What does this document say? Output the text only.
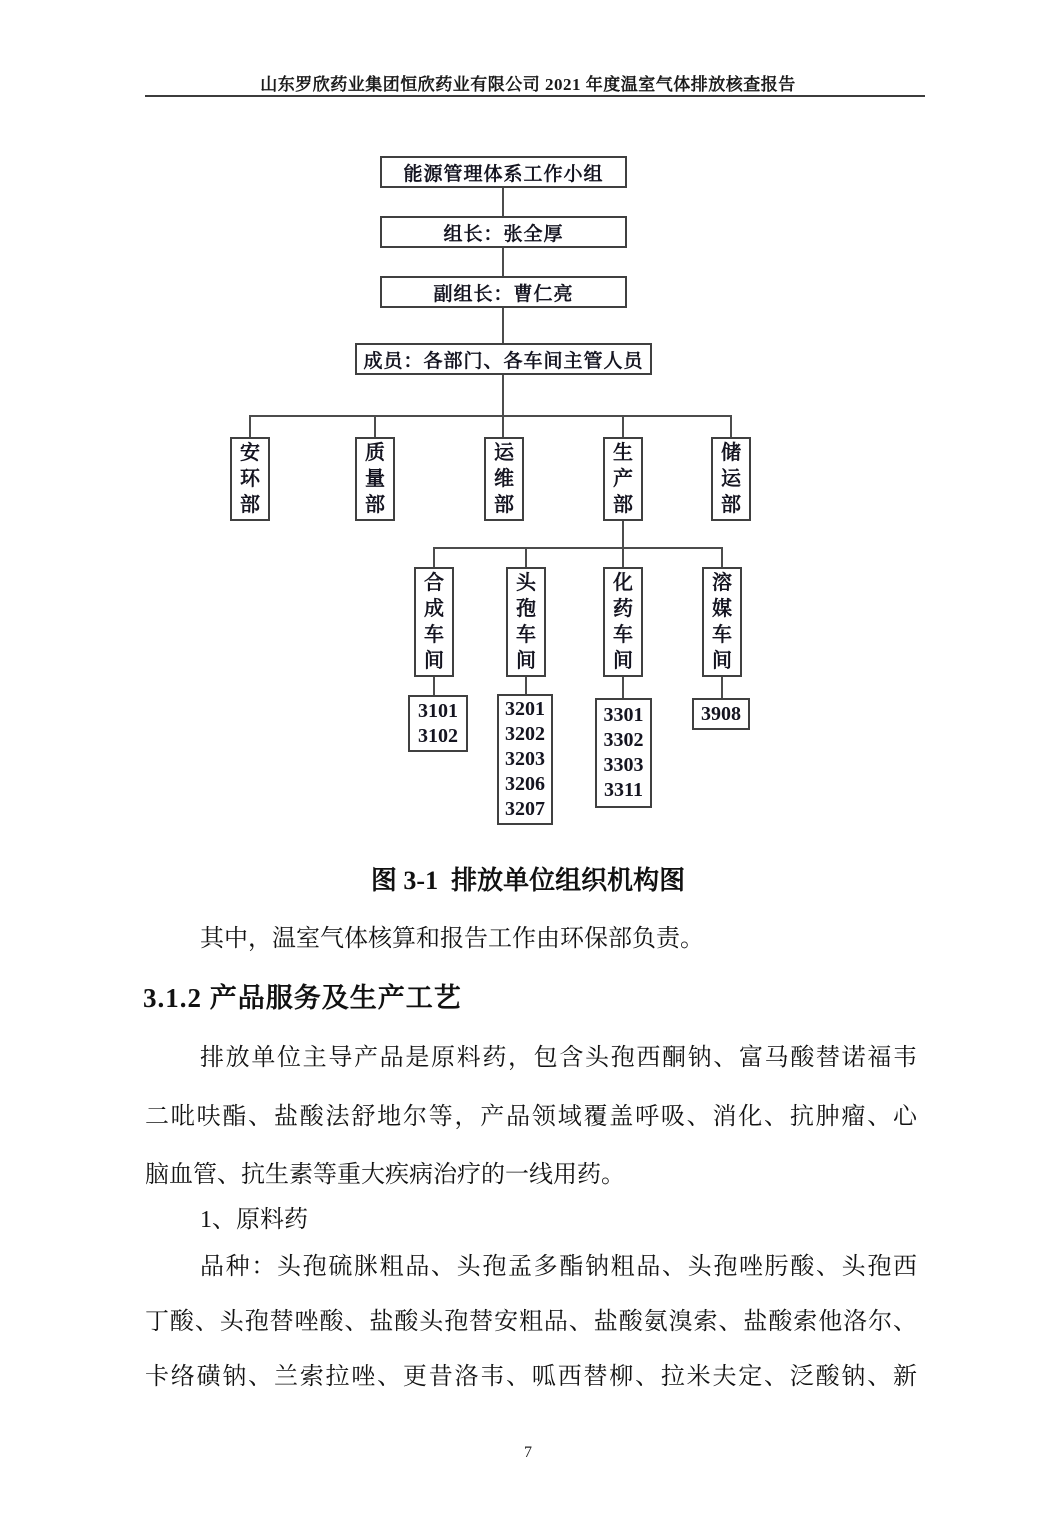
山东罗欣药业集团恒欣药业有限公司 2021 年度温室气体排放核查报告
能源管理体系工作小组
组长：张全厚
副组长：曹仁亮
成员：各部门、各车间主管人员
安环部
质量部
运维部
生产部
储运部
合成车间
头孢车间
化药车间
溶媒车间
3101
3102
3201
3202
3203
3206
3207
3301
3302
3303
3311
3908
图 3-1  排放单位组织机构图
其中，温室气体核算和报告工作由环保部负责。
3.1.2 产品服务及生产工艺
排放单位主导产品是原料药，包含头孢西酮钠、富马酸替诺福韦
二吡呋酯、盐酸法舒地尔等，产品领域覆盖呼吸、消化、抗肿瘤、心
脑血管、抗生素等重大疾病治疗的一线用药。
1、原料药
品种：头孢硫脒粗品、头孢孟多酯钠粗品、头孢唑肟酸、头孢西
丁酸、头孢替唑酸、盐酸头孢替安粗品、盐酸氨溴索、盐酸索他洛尔、
卡络磺钠、兰索拉唑、更昔洛韦、呱西替柳、拉米夫定、泛酸钠、新
7
